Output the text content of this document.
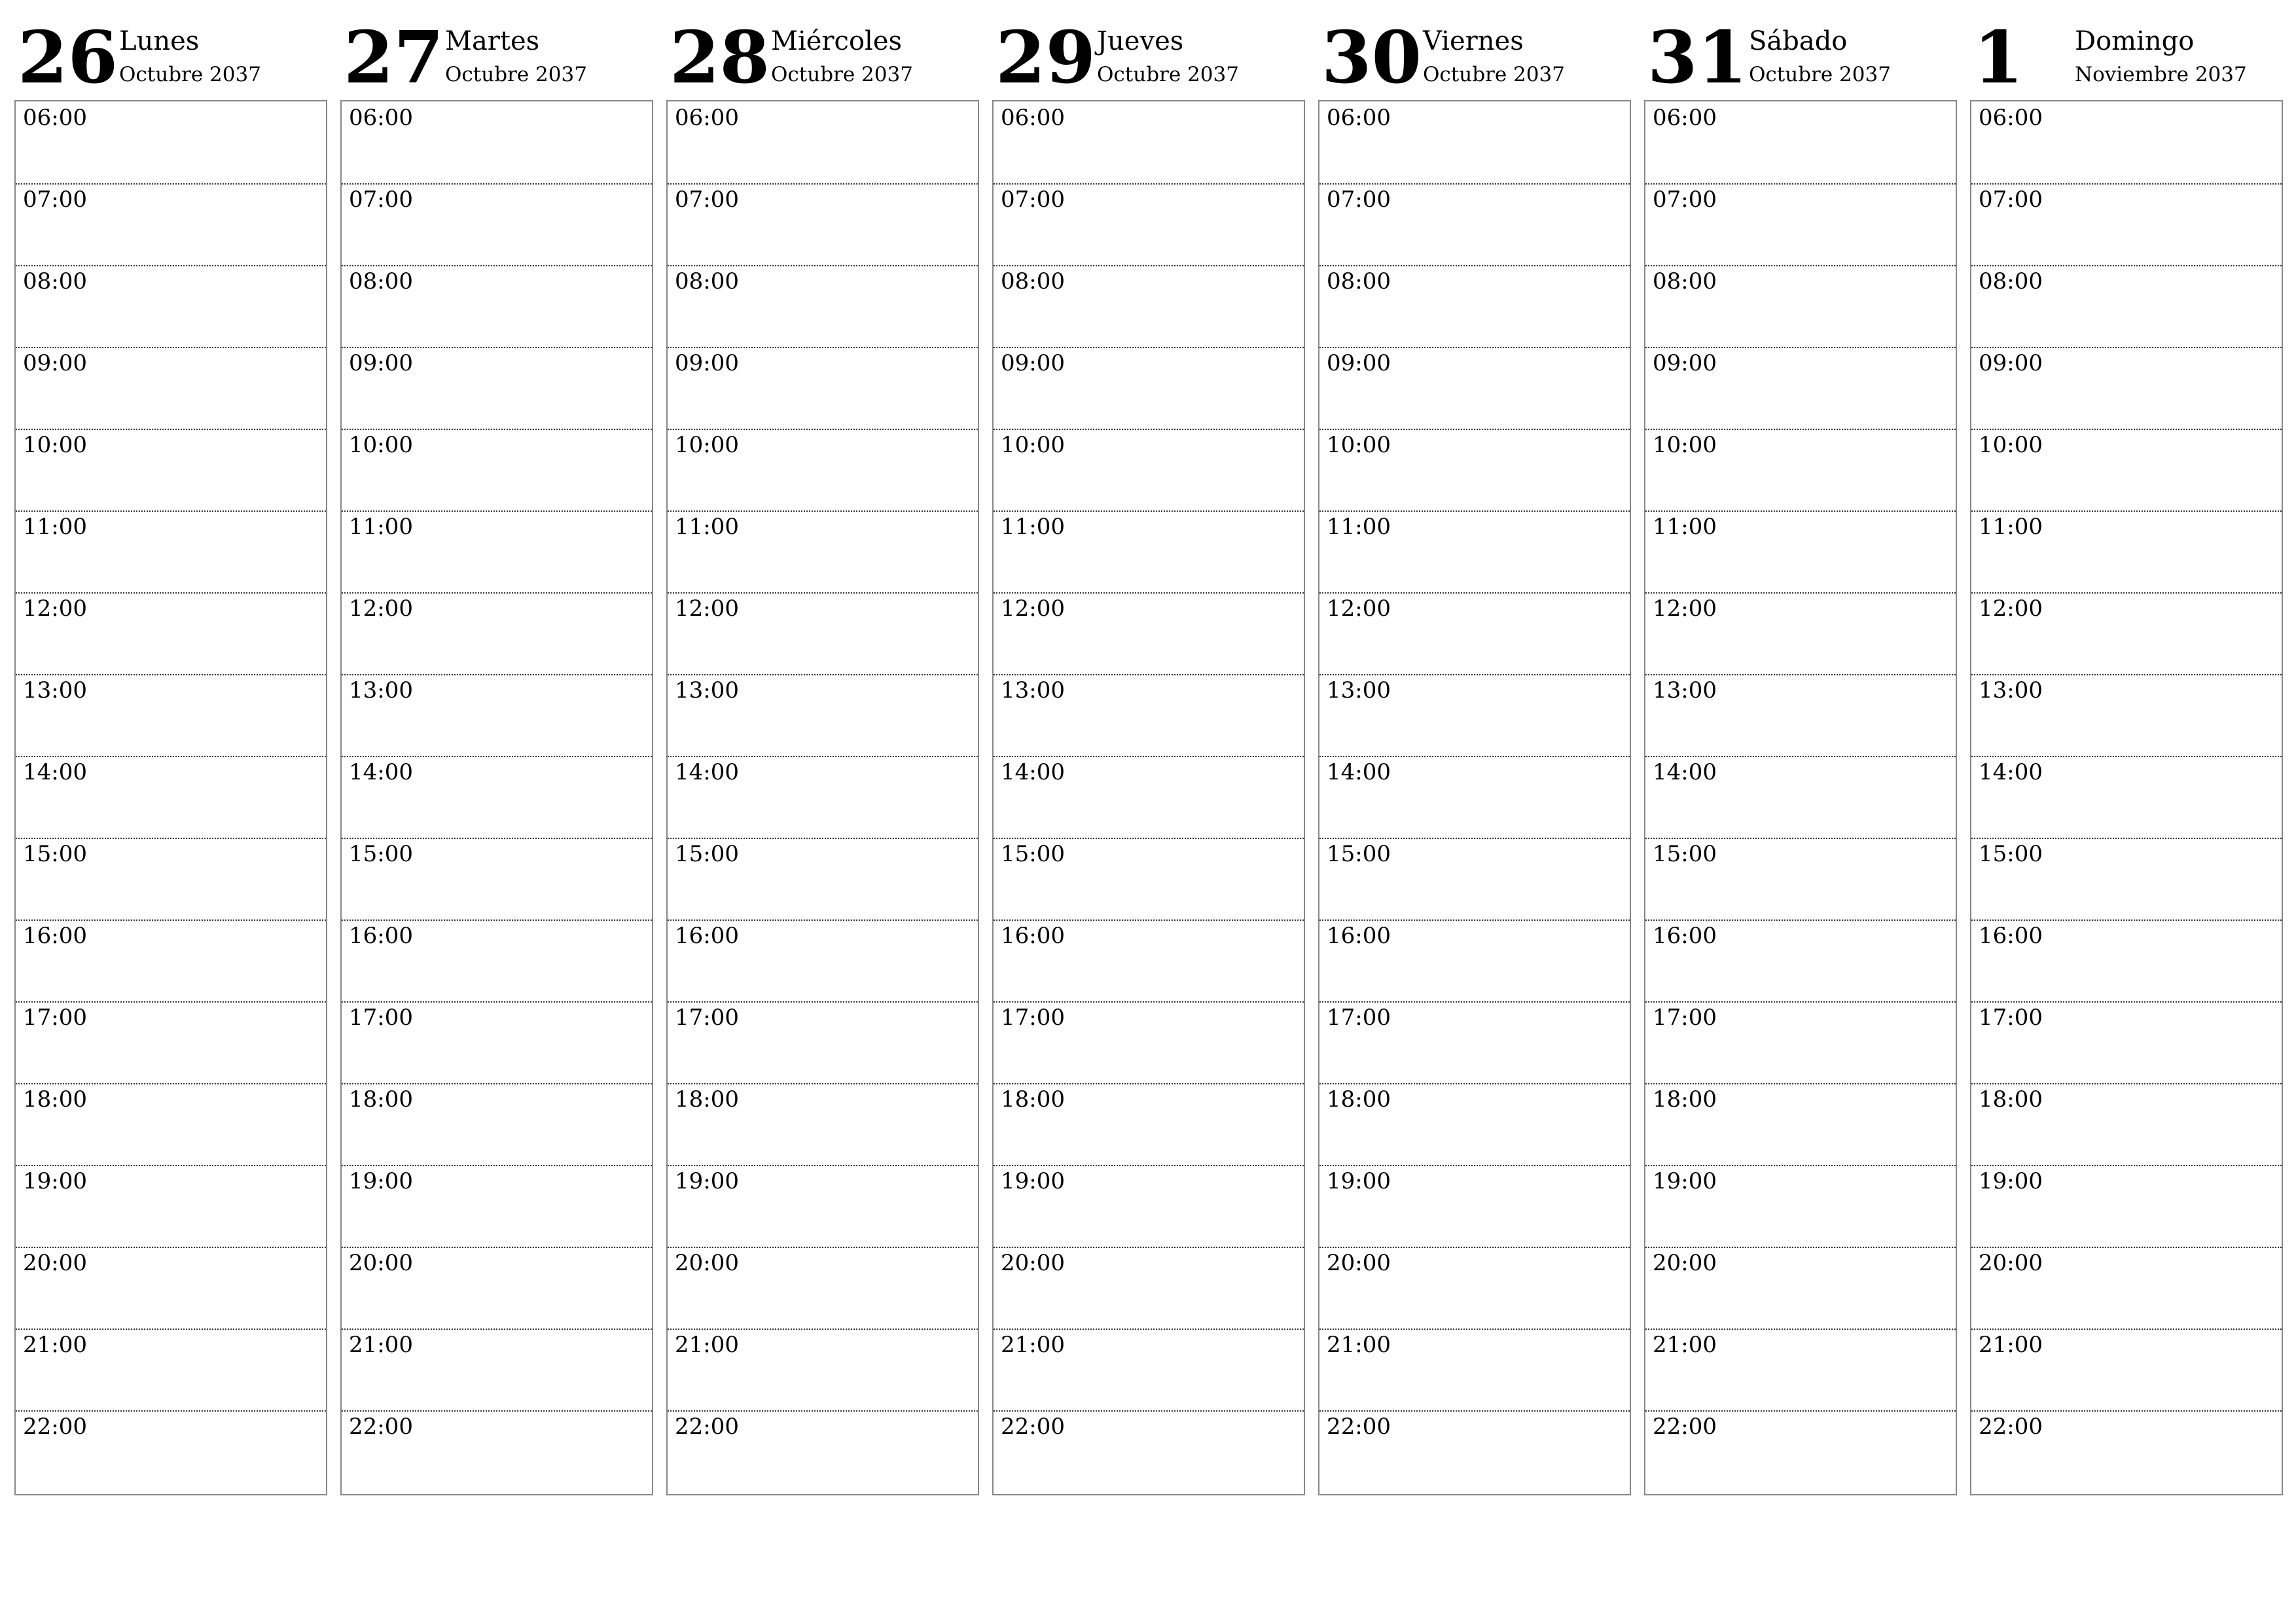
26 Lunes
Octubre 2037
06:00
07:00
08:00
09:00
10:00
11:00
12:00
13:00
14:00
15:00
16:00
17:00
18:00
19:00
20:00
21:00
22:00
27 Martes
Octubre 2037
06:00
07:00
08:00
09:00
10:00
11:00
12:00
13:00
14:00
15:00
16:00
17:00
18:00
19:00
20:00
21:00
22:00
28 Miércoles
Octubre 2037
06:00
07:00
08:00
09:00
10:00
11:00
12:00
13:00
14:00
15:00
16:00
17:00
18:00
19:00
20:00
21:00
22:00
29 Jueves
Octubre 2037
06:00
07:00
08:00
09:00
10:00
11:00
12:00
13:00
14:00
15:00
16:00
17:00
18:00
19:00
20:00
21:00
22:00
30 Viernes
Octubre 2037
06:00
07:00
08:00
09:00
10:00
11:00
12:00
13:00
14:00
15:00
16:00
17:00
18:00
19:00
20:00
21:00
22:00
31 Sábado
Octubre 2037
06:00
07:00
08:00
09:00
10:00
11:00
12:00
13:00
14:00
15:00
16:00
17:00
18:00
19:00
20:00
21:00
22:00
1 Domingo
Noviembre 2037
06:00
07:00
08:00
09:00
10:00
11:00
12:00
13:00
14:00
15:00
16:00
17:00
18:00
19:00
20:00
21:00
22:00
